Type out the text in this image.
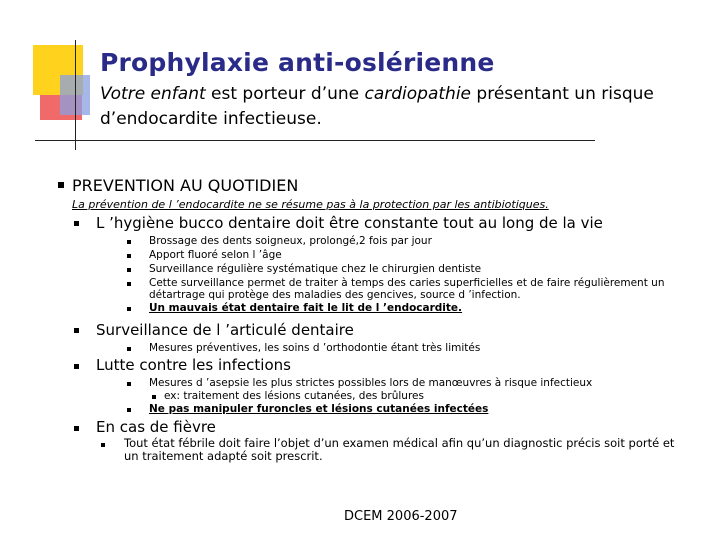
Prophylaxie anti-oslérienne
Votre enfant est porteur d’une cardiopathie présentant un risque
d’endocardite infectieuse.
PREVENTION AU QUOTIDIEN
La prévention de l ’endocardite ne se résume pas à la protection par les antibiotiques.
L ’hygiène bucco dentaire doit être constante tout au long de la vie
Brossage des dents soigneux, prolongé,2 fois par jour
Apport fluoré selon l ’âge
Surveillance régulière systématique chez le chirurgien dentiste
Cette surveillance permet de traiter à temps des caries superficielles et de faire régulièrement un
détartrage qui protège des maladies des gencives, source d ’infection.
Un mauvais état dentaire fait le lit de l ’endocardite.
Surveillance de l ’articulé dentaire
Mesures préventives, les soins d ’orthodontie étant très limités
Lutte contre les infections
Mesures d ’asepsie les plus strictes possibles lors de manœuvres à risque infectieux
ex: traitement des lésions cutanées, des brûlures
Ne pas manipuler furoncles et lésions cutanées infectées
En cas de fièvre
Tout état fébrile doit faire l’objet d’un examen médical afin qu’un diagnostic précis soit porté et
un traitement adapté soit prescrit.
DCEM 2006-2007
